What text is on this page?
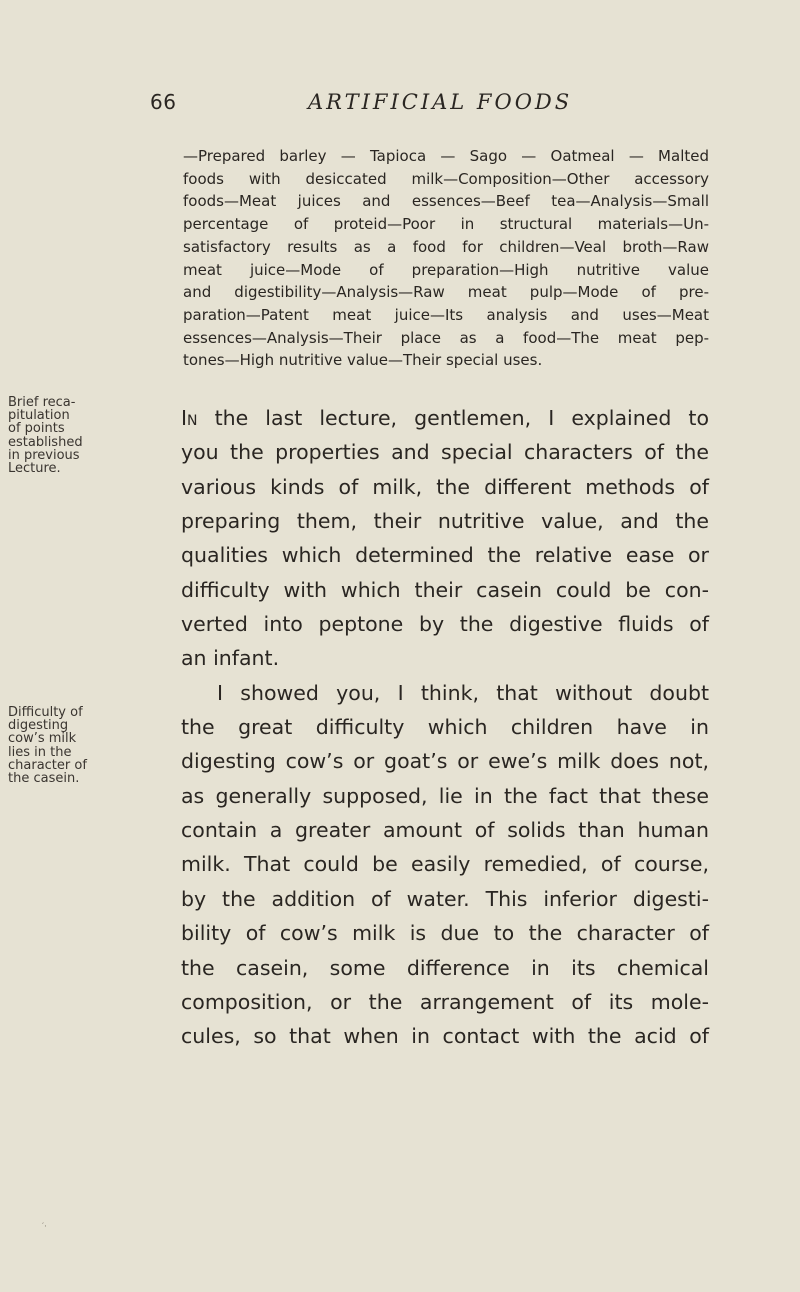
66	ARTIFICIAL FOODS
—Prepared barley — Tapioca — Sago — Oatmeal — Malted
foods with desiccated milk—Composition—Other accessory
foods—Meat juices and essences—Beef tea—Analysis—Small
percentage of proteid—Poor in structural materials—Un-
satisfactory results as a food for children—Veal broth—Raw
meat juice—Mode of preparation—High nutritive value
and digestibility—Analysis—Raw meat pulp—Mode of pre-
paration—Patent meat juice—Its analysis and uses—Meat
essences—Analysis—Their place as a food—The meat pep-
tones—High nutritive value—Their special uses.
Brief reca-
pitulation
of points
established
in previous
Lecture.
Difficulty of
digesting
cow’s milk
lies in the
character of
the casein.
In the last lecture, gentlemen, I explained to
you the properties and special characters of the
various kinds of milk, the different methods of
preparing them, their nutritive value, and the
qualities which determined the relative ease or
difficulty with which their casein could be con-
verted into peptone by the digestive fluids of
an infant.
I showed you, I think, that without doubt
the great difficulty which children have in
digesting cow’s or goat’s or ewe’s milk does not,
as generally supposed, lie in the fact that these
contain a greater amount of solids than human
milk. That could be easily remedied, of course,
by the addition of water. This inferior digesti-
bility of cow’s milk is due to the character of
the casein, some difference in its chemical
composition, or the arrangement of its mole-
cules, so that when in contact with the acid of
′·
